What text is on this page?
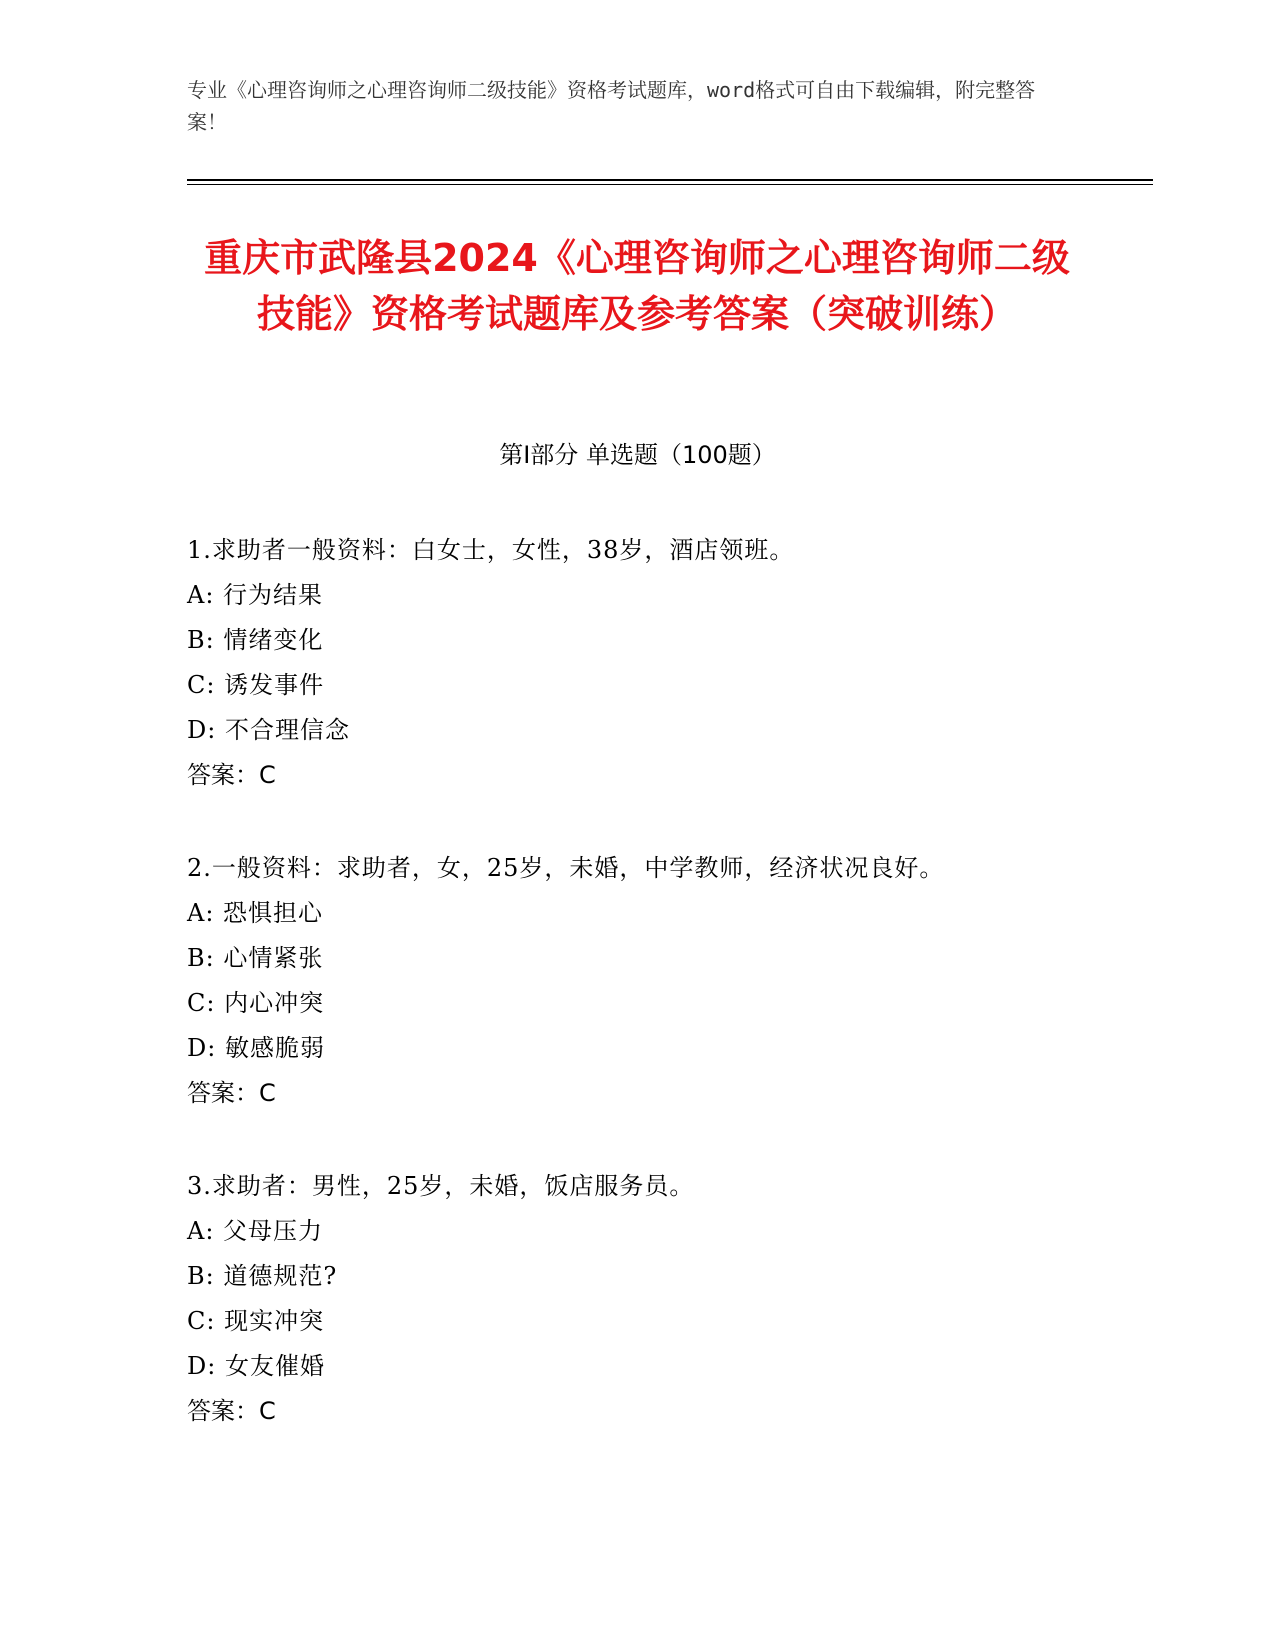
专业《心理咨询师之心理咨询师二级技能》资格考试题库，word格式可自由下载编辑，附完整答案！
重庆市武隆县2024《心理咨询师之心理咨询师二级技能》资格考试题库及参考答案（突破训练）
第Ⅰ部分 单选题（100题）
1.求助者一般资料：白女士，女性，38岁，酒店领班。
A: 行为结果
B: 情绪变化
C: 诱发事件
D: 不合理信念
答案：C
2.一般资料：求助者，女，25岁，未婚，中学教师，经济状况良好。
A: 恐惧担心
B: 心情紧张
C: 内心冲突
D: 敏感脆弱
答案：C
3.求助者：男性，25岁，未婚，饭店服务员。
A: 父母压力
B: 道德规范?
C: 现实冲突
D: 女友催婚
答案：C
